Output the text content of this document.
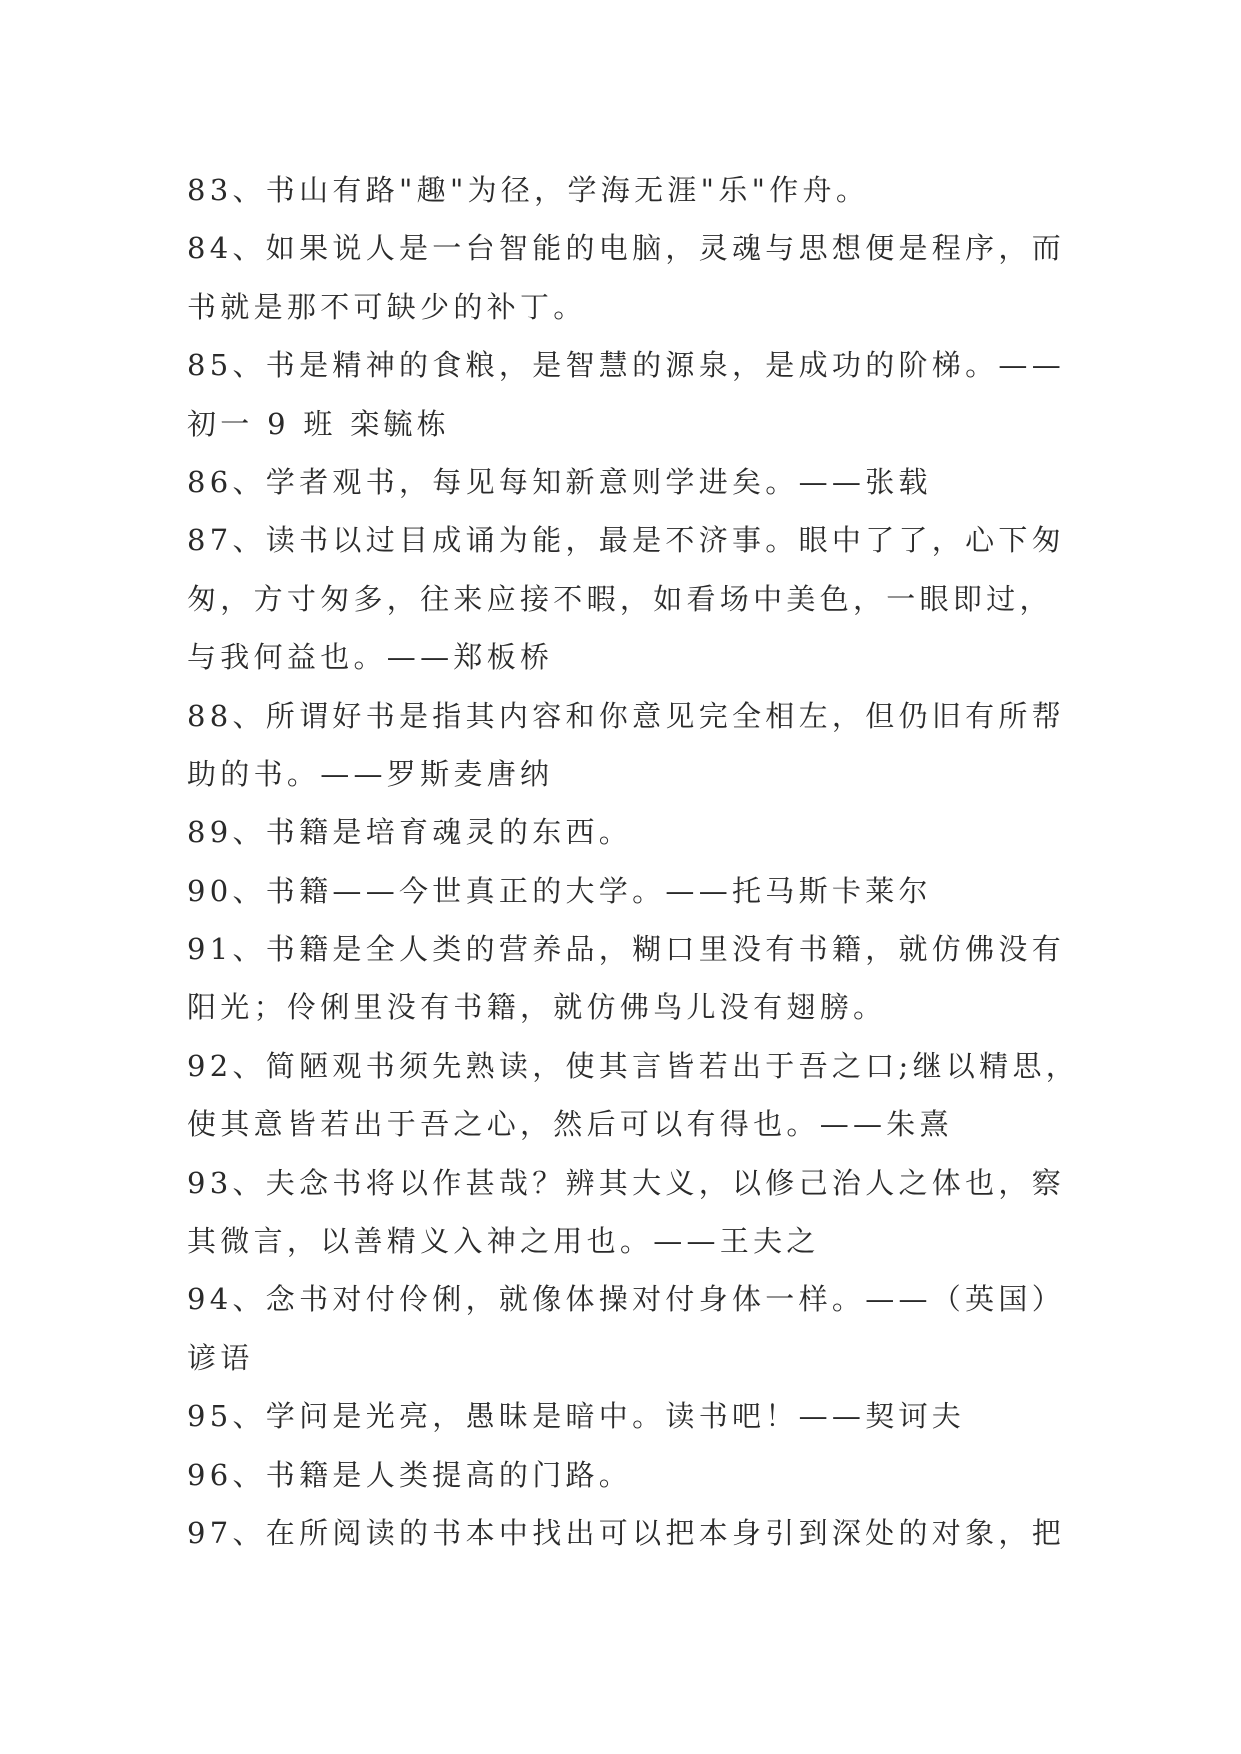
83、书山有路"趣"为径，学海无涯"乐"作舟。
84、如果说人是一台智能的电脑，灵魂与思想便是程序，而
书就是那不可缺少的补丁。
85、书是精神的食粮，是智慧的源泉，是成功的阶梯。——
初一 9 班 栾毓栋
86、学者观书，每见每知新意则学进矣。——张载
87、读书以过目成诵为能，最是不济事。眼中了了，心下匆
匆，方寸匆多，往来应接不暇，如看场中美色，一眼即过，
与我何益也。——郑板桥
88、所谓好书是指其内容和你意见完全相左，但仍旧有所帮
助的书。——罗斯麦唐纳
89、书籍是培育魂灵的东西。
90、书籍——今世真正的大学。——托马斯卡莱尔
91、书籍是全人类的营养品，糊口里没有书籍，就仿佛没有
阳光；伶俐里没有书籍，就仿佛鸟儿没有翅膀。
92、简陋观书须先熟读，使其言皆若出于吾之口;继以精思，
使其意皆若出于吾之心，然后可以有得也。——朱熹
93、夫念书将以作甚哉？辨其大义，以修己治人之体也，察
其微言，以善精义入神之用也。——王夫之
94、念书对付伶俐，就像体操对付身体一样。——（英国）
谚语
95、学问是光亮，愚昧是暗中。读书吧！——契诃夫
96、书籍是人类提高的门路。
97、在所阅读的书本中找出可以把本身引到深处的对象，把
